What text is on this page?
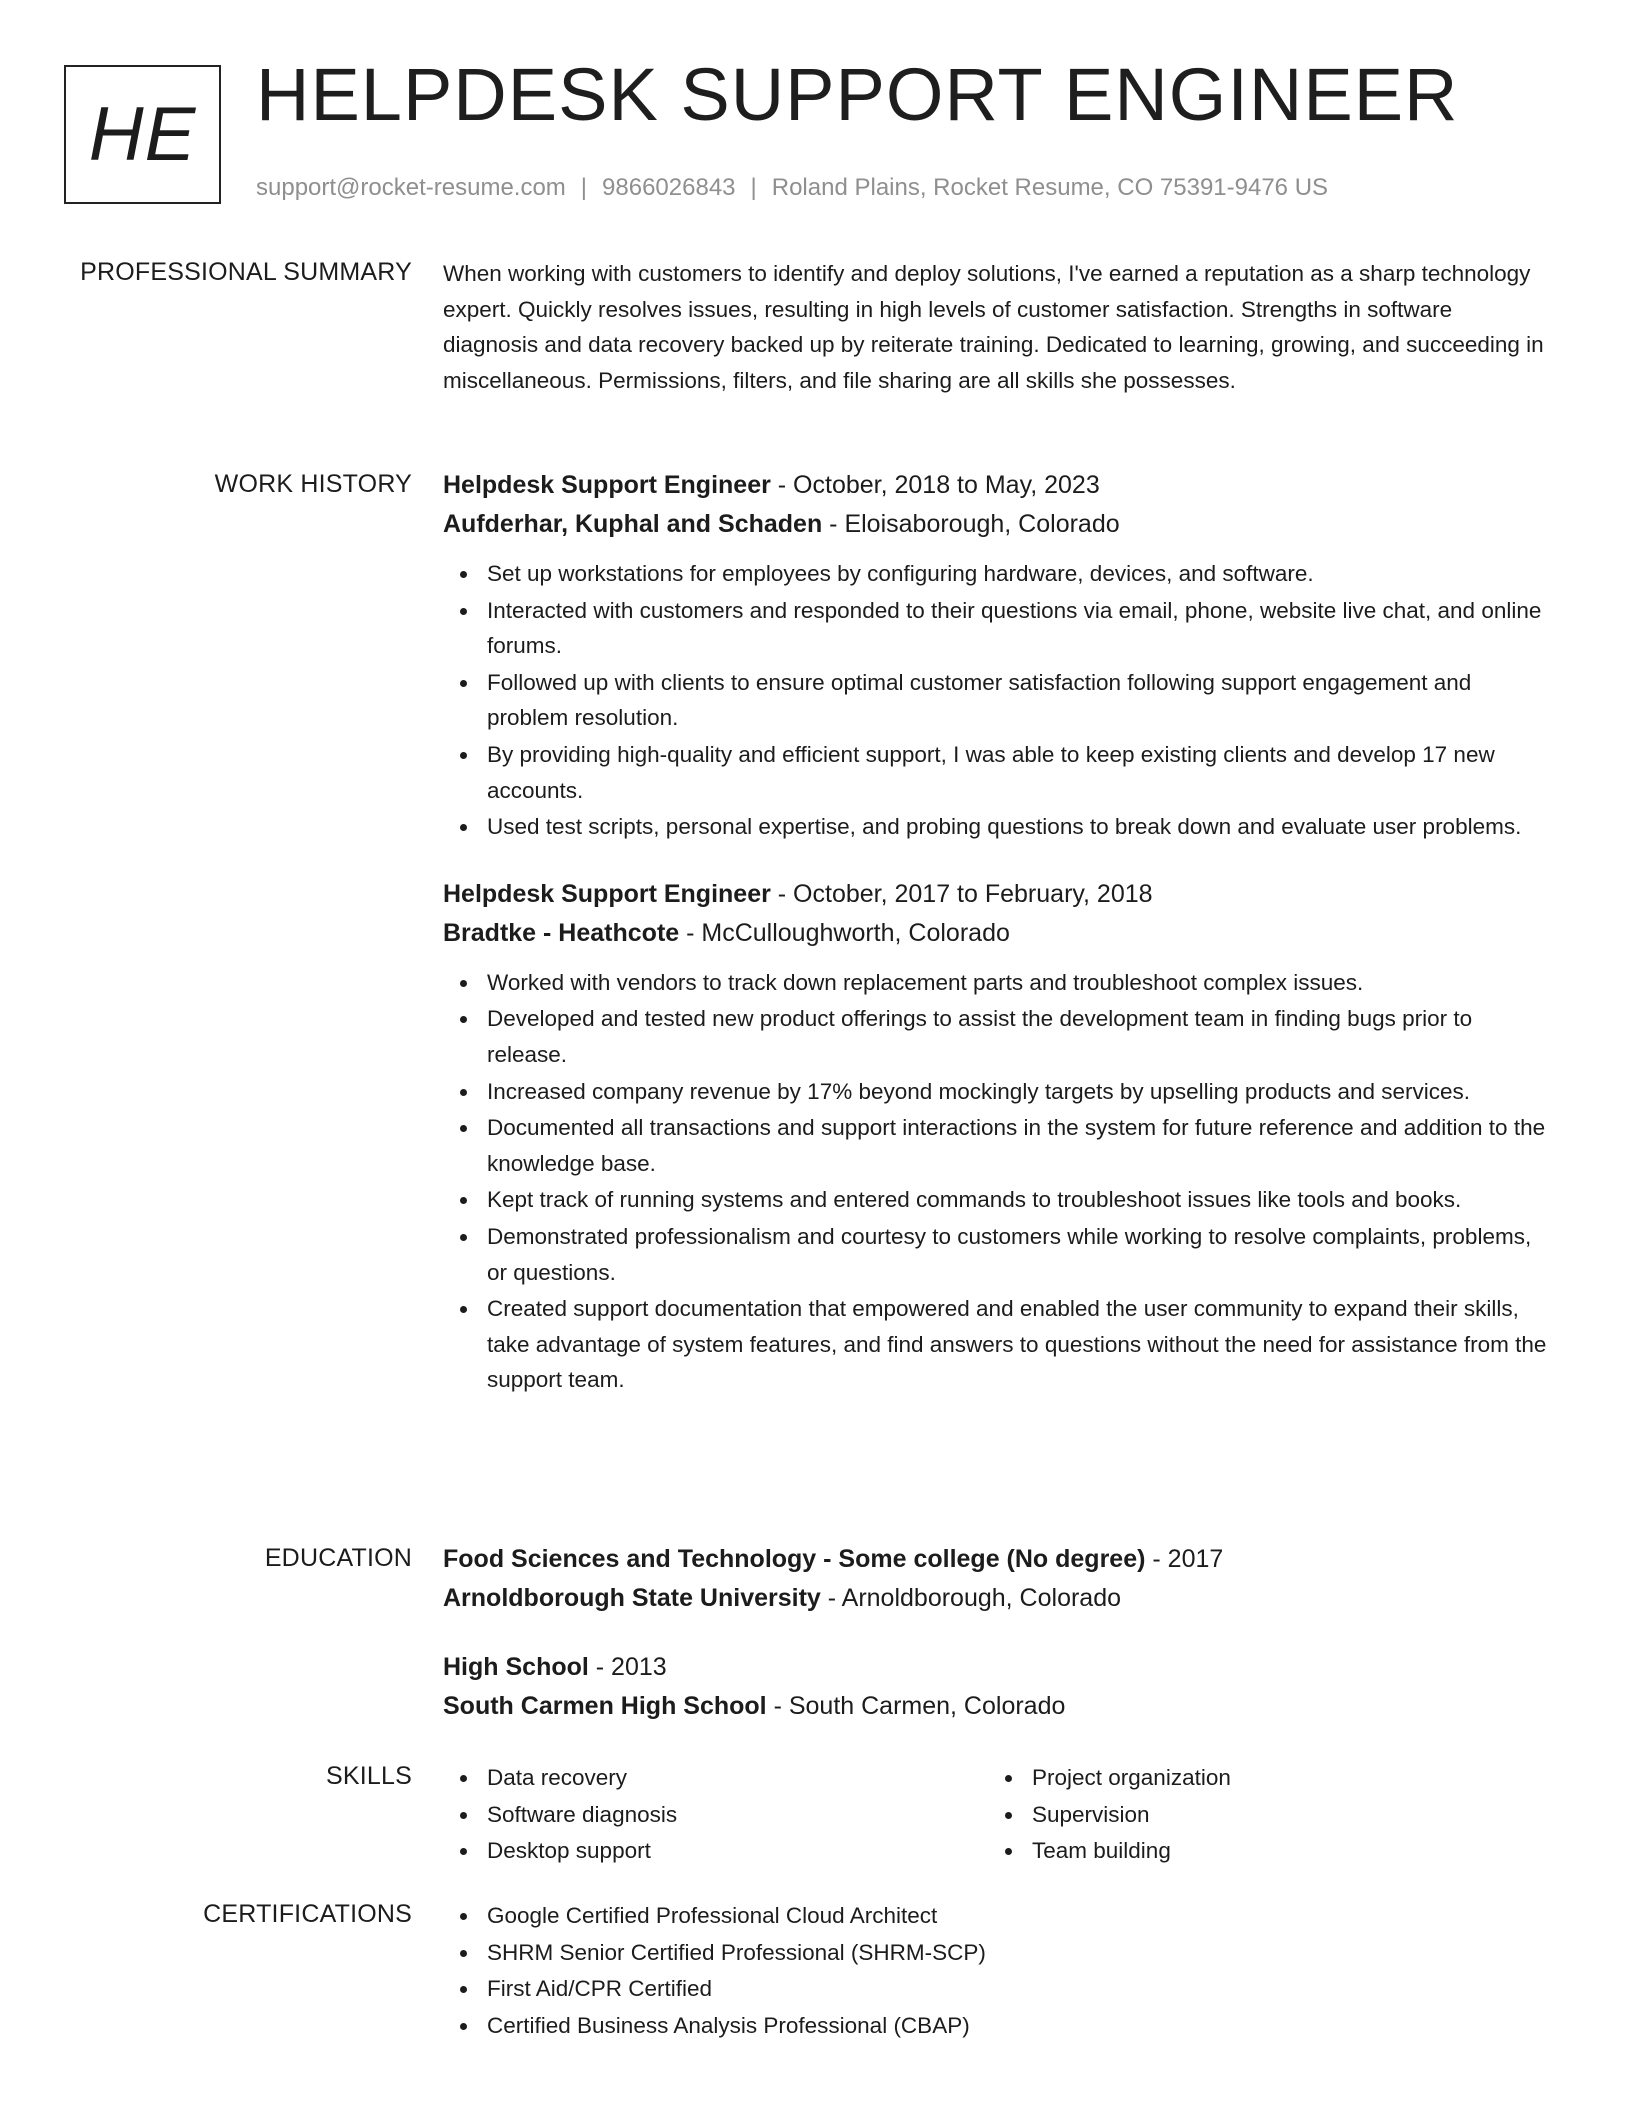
HE HELPDESK SUPPORT ENGINEER
support@rocket-resume.com | 9866026843 | Roland Plains, Rocket Resume, CO 75391-9476 US
PROFESSIONAL SUMMARY When working with customers to identify and deploy solutions, I've earned a reputation as a sharp technology expert. Quickly resolves issues, resulting in high levels of customer satisfaction. Strengths in software diagnosis and data recovery backed up by reiterate training. Dedicated to learning, growing, and succeeding in miscellaneous. Permissions, filters, and file sharing are all skills she possesses.

WORK HISTORY Helpdesk Support Engineer - October, 2018 to May, 2023
Aufderhar, Kuphal and Schaden - Eloisaborough, Colorado
Set up workstations for employees by configuring hardware, devices, and software.
Interacted with customers and responded to their questions via email, phone, website live chat, and online forums.
Followed up with clients to ensure optimal customer satisfaction following support engagement and problem resolution.
By providing high-quality and efficient support, I was able to keep existing clients and develop 17 new accounts.
Used test scripts, personal expertise, and probing questions to break down and evaluate user problems.
Helpdesk Support Engineer - October, 2017 to February, 2018
Bradtke - Heathcote - McCulloughworth, Colorado
Worked with vendors to track down replacement parts and troubleshoot complex issues.
Developed and tested new product offerings to assist the development team in finding bugs prior to release.
Increased company revenue by 17% beyond mockingly targets by upselling products and services.
Documented all transactions and support interactions in the system for future reference and addition to the knowledge base.
Kept track of running systems and entered commands to troubleshoot issues like tools and books.
Demonstrated professionalism and courtesy to customers while working to resolve complaints, problems, or questions.
Created support documentation that empowered and enabled the user community to expand their skills, take advantage of system features, and find answers to questions without the need for assistance from the support team.
EDUCATION Food Sciences and Technology - Some college (No degree) - 2017
Arnoldborough State University - Arnoldborough, Colorado
High School - 2013
South Carmen High School - South Carmen, Colorado
SKILLS	Data recovery
Software diagnosis
Desktop support
Project organization
Supervision
Team building
CERTIFICATIONS	Google Certified Professional Cloud Architect
SHRM Senior Certified Professional (SHRM-SCP)
First Aid/CPR Certified
Certified Business Analysis Professional (CBAP)
